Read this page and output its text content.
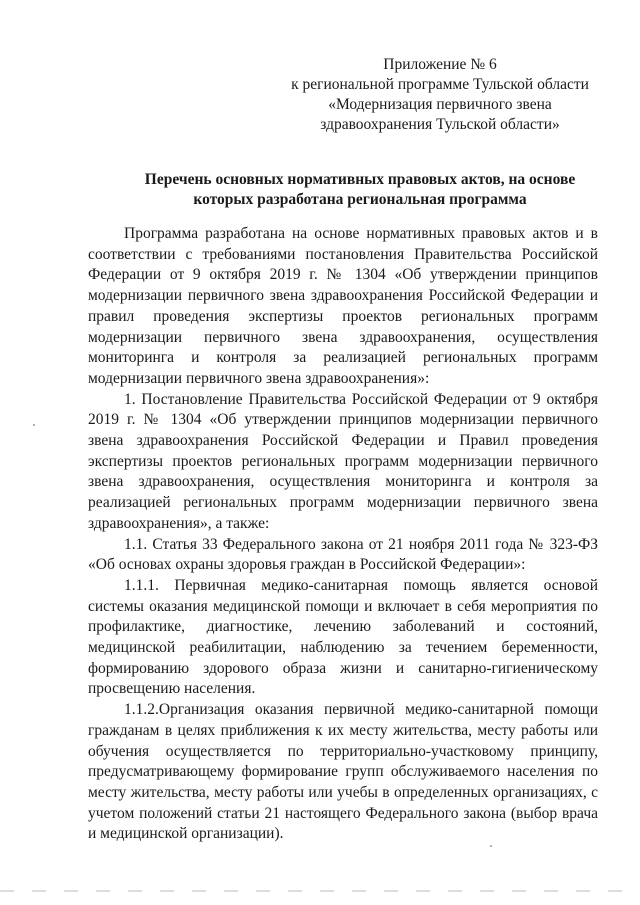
Приложение № 6
к региональной программе Тульской области
«Модернизация первичного звена
здравоохранения Тульской области»
Перечень основных нормативных правовых актов, на основе
которых разработана региональная программа

Программа разработана на основе нормативных правовых актов и в соответствии с требованиями постановления Правительства Российской Федерации от 9 октября 2019 г. № 1304 «Об утверждении принципов модернизации первичного звена здравоохранения Российской Федерации и правил проведения экспертизы проектов региональных программ модернизации первичного звена здравоохранения, осуществления мониторинга и контроля за реализацией региональных программ модернизации первичного звена здравоохранения»:

1. Постановление Правительства Российской Федерации от 9 октября 2019 г. № 1304 «Об утверждении принципов модернизации первичного звена здравоохранения Российской Федерации и Правил проведения экспертизы проектов региональных программ модернизации первичного звена здравоохранения, осуществления мониторинга и контроля за реализацией региональных программ модернизации первичного звена здравоохранения», а также:

1.1. Статья 33 Федерального закона от 21 ноября 2011 года № 323-ФЗ «Об основах охраны здоровья граждан в Российской Федерации»:

1.1.1. Первичная медико-санитарная помощь является основой системы оказания медицинской помощи и включает в себя мероприятия по профилактике, диагностике, лечению заболеваний и состояний, медицинской реабилитации, наблюдению за течением беременности, формированию здорового образа жизни и санитарно-гигиеническому просвещению населения.

1.1.2.Организация оказания первичной медико-санитарной помощи гражданам в целях приближения к их месту жительства, месту работы или обучения осуществляется по территориально-участковому принципу, предусматривающему формирование групп обслуживаемого населения по месту жительства, месту работы или учебы в определенных организациях, с учетом положений статьи 21 настоящего Федерального закона (выбор врача и медицинской организации).
